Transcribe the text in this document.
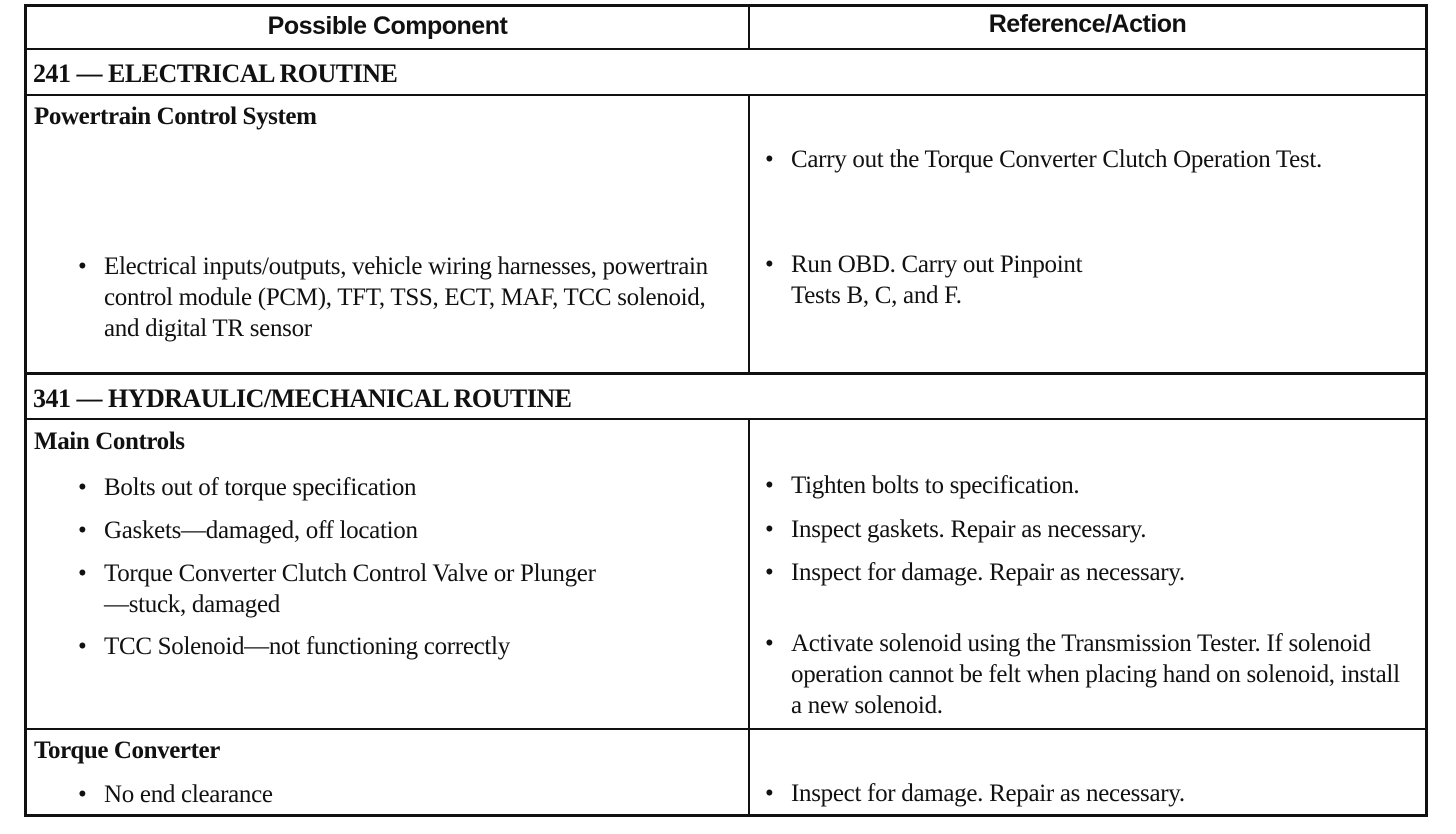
Possible Component	Reference/Action
241 — ELECTRICAL ROUTINE
Powertrain Control System
• Electrical inputs/outputs, vehicle wiring harnesses, powertrain control module (PCM), TFT, TSS, ECT, MAF, TCC solenoid, and digital TR sensor
• Carry out the Torque Converter Clutch Operation Test.
• Run OBD. Carry out Pinpoint Tests B, C, and F.
341 — HYDRAULIC/MECHANICAL ROUTINE
Main Controls
• Bolts out of torque specification
• Gaskets—damaged, off location
• Torque Converter Clutch Control Valve or Plunger—stuck, damaged
• TCC Solenoid—not functioning correctly
• Tighten bolts to specification.
• Inspect gaskets. Repair as necessary.
• Inspect for damage. Repair as necessary.
• Activate solenoid using the Transmission Tester. If solenoid operation cannot be felt when placing hand on solenoid, install a new solenoid.
Torque Converter
• No end clearance	• Inspect for damage. Repair as necessary.
